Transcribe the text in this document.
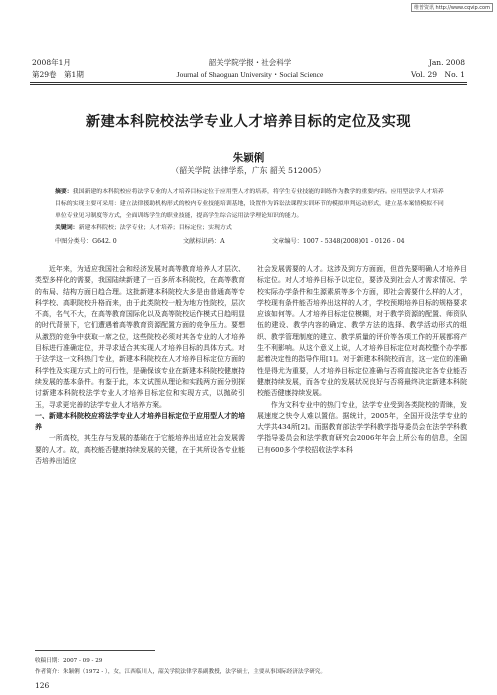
维普资讯 http://www.cqvip.com
2008年1月	韶关学院学报・社会科学	Jan. 2008
第29卷　第1期	Journal of Shaoguan University・Social Science	Vol. 29　No. 1
新建本科院校法学专业人才培养目标的定位及实现
朱颖俐
（韶关学院 法律学系，广东 韶关 512005）

摘要：我国新建的本科院校应将法学专业的人才培养目标定位于应用型人才的培养，将学生专业技能的训练作为教学的重要内容。应用型法学人才培养目标的实现主要可采用：建立法律援助机构形式的校内专业技能培训基地，设置作为诉讼法课程实训环节的模拟审判运动形式，建立基本案情模拟不同单位专业见习制度等方式，全面训练学生的职业技能，提高学生综合运用法学理论知识的能力。

关键词：新建本科院校；法学专业；人才培养；目标定位；实现方式

中图分类号：G642. 0	文献标识码：A	文章编号：1007 - 5348(2008)01 - 0126 - 04

  近年来，为适应我国社会和经济发展对高等教育培养人才层次、类型多样化的需要，我国陆续新建了一百多所本科院校，在高等教育的布局、结构方面日趋合理。这批新建本科院校大多是由普通高等专科学校、高职院校升格而来，由于此类院校一般为地方性院校，层次不高，名气不大，在高等教育国际化以及高等院校运作模式日趋明显的时代背景下，它们遭遇着高等教育资源配置方面的竞争压力。要想从激烈的竞争中获取一席之位，这些院校必须对其各专业的人才培养目标进行准确定位，并寻求适合其实现人才培养目标的具体方式。对于法学这一文科热门专业，新建本科院校在人才培养目标定位方面的科学性及实现方式上的可行性，是确保该专业在新建本科院校健康持续发展的基本条件。有鉴于此，本文试图从理论和实践两方面分别探讨新建本科院校法学专业人才培养目标定位和实现方式，以抛砖引玉，寻求更完善的法学专业人才培养方案。

一、新建本科院校应将法学专业人才培养目标定位于应用型人才的培养

  一所高校，其生存与发展的基础在于它能培养出适应社会发展需要的人才。故，高校能否健康持续发展的关键，在于其所设各专业能否培养出适应

社会发展需要的人才。这涉及到方方面面，但首先要明确人才培养目标定位。对人才培养目标予以定位，要涉及到社会人才需求情况、学校实际办学条件和生源素质等多个方面，即社会需要什么样的人才，学校现有条件能否培养出这样的人才，学校预期培养目标的规格要求应该如何等。人才培养目标定位模糊，对于教学资源的配置、师资队伍的建设、教学内容的确定、教学方法的选择、教学活动形式的组织、教学管理制度的建立、教学质量的评价等各项工作的开展都将产生不利影响。从这个意义上说，人才培养目标定位对高校整个办学都起着决定性的指导作用[1]。对于新建本科院校而言，这一定位的准确性是得尤为重要，人才培养目标定位准确与否将直接决定各专业能否健康持续发展，而各专业的发展状况良好与否将最终决定新建本科院校能否健康持续发展。

  作为文科专业中的热门专业，法学专业受到各类院校的青睐，发展速度之快令人难以置信。据统计，2005年，全国开设法学专业的大学共434所[2]。而据教育部法学学科教学指导委员会在法学学科教学指导委员会和法学教育研究会2006年年会上所公布的信息，全国已有600多个学校招收法学本科

收稿日期：2007 - 09 - 29
作者简介：朱颖俐（1972 - ），女，江西临川人，韶关学院法律学系副教授，法学硕士，主要从事国际经济法学研究。
126
